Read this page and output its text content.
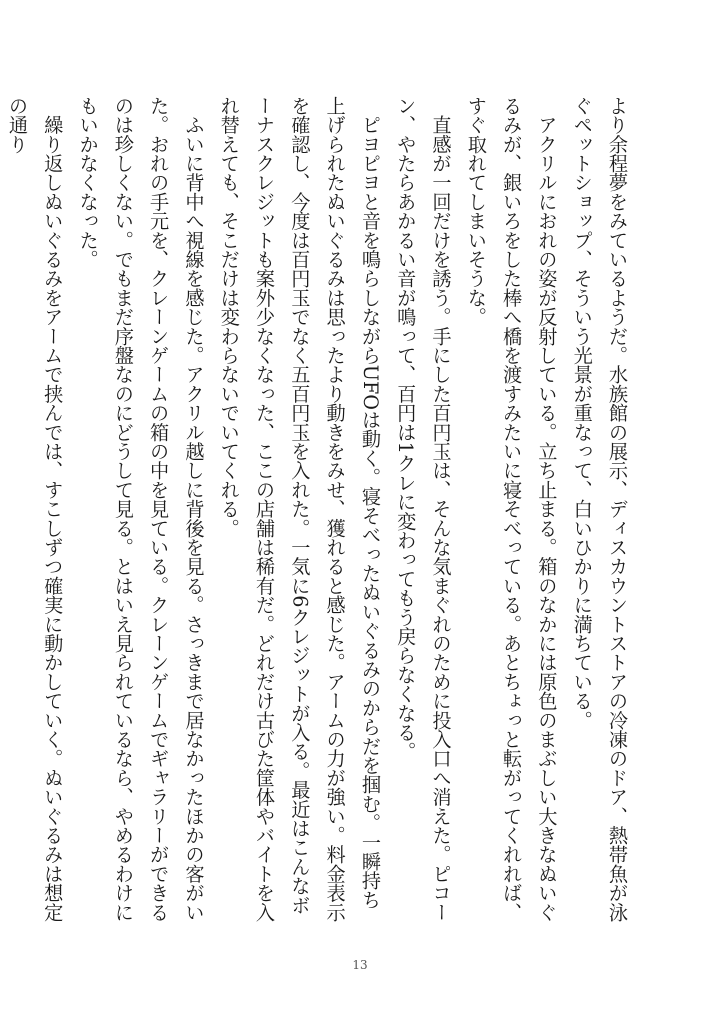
より余程夢をみているようだ。水族館の展示、ディスカウントストアの冷凍のドア、熱帯魚が泳ぐペットショップ、そういう光景が重なって、白いひかりに満ちている。

　アクリルにおれの姿が反射している。立ち止まる。箱のなかには原色のまぶしい大きなぬいぐるみが、銀いろをした棒へ橋を渡すみたいに寝そべっている。あとちょっと転がってくれれば、すぐ取れてしまいそうな。

　直感が一回だけを誘う。手にした百円玉は、そんな気まぐれのために投入口へ消えた。ピコーン、やたらあかるい音が鳴って、百円は1クレに変わってもう戻らなくなる。

　ピヨピヨと音を鳴らしながらUFOは動く。寝そべったぬいぐるみのからだを掴む。一瞬持ち上げられたぬいぐるみは思ったより動きをみせ、獲れると感じた。アームの力が強い。料金表示を確認し、今度は百円玉でなく五百円玉を入れた。一気に6クレジットが入る。最近はこんなボーナスクレジットも案外少なくなった、ここの店舗は稀有だ。どれだけ古びた筐体やバイトを入れ替えても、そこだけは変わらないでいてくれる。

　ふいに背中へ視線を感じた。アクリル越しに背後を見る。さっきまで居なかったほかの客がいた。おれの手元を、クレーンゲームの箱の中を見ている。クレーンゲームでギャラリーができるのは珍しくない。でもまだ序盤なのにどうして見る。とはいえ見られているなら、やめるわけにもいかなくなった。

　繰り返しぬいぐるみをアームで挟んでは、すこしずつ確実に動かしていく。ぬいぐるみは想定の通り

13
